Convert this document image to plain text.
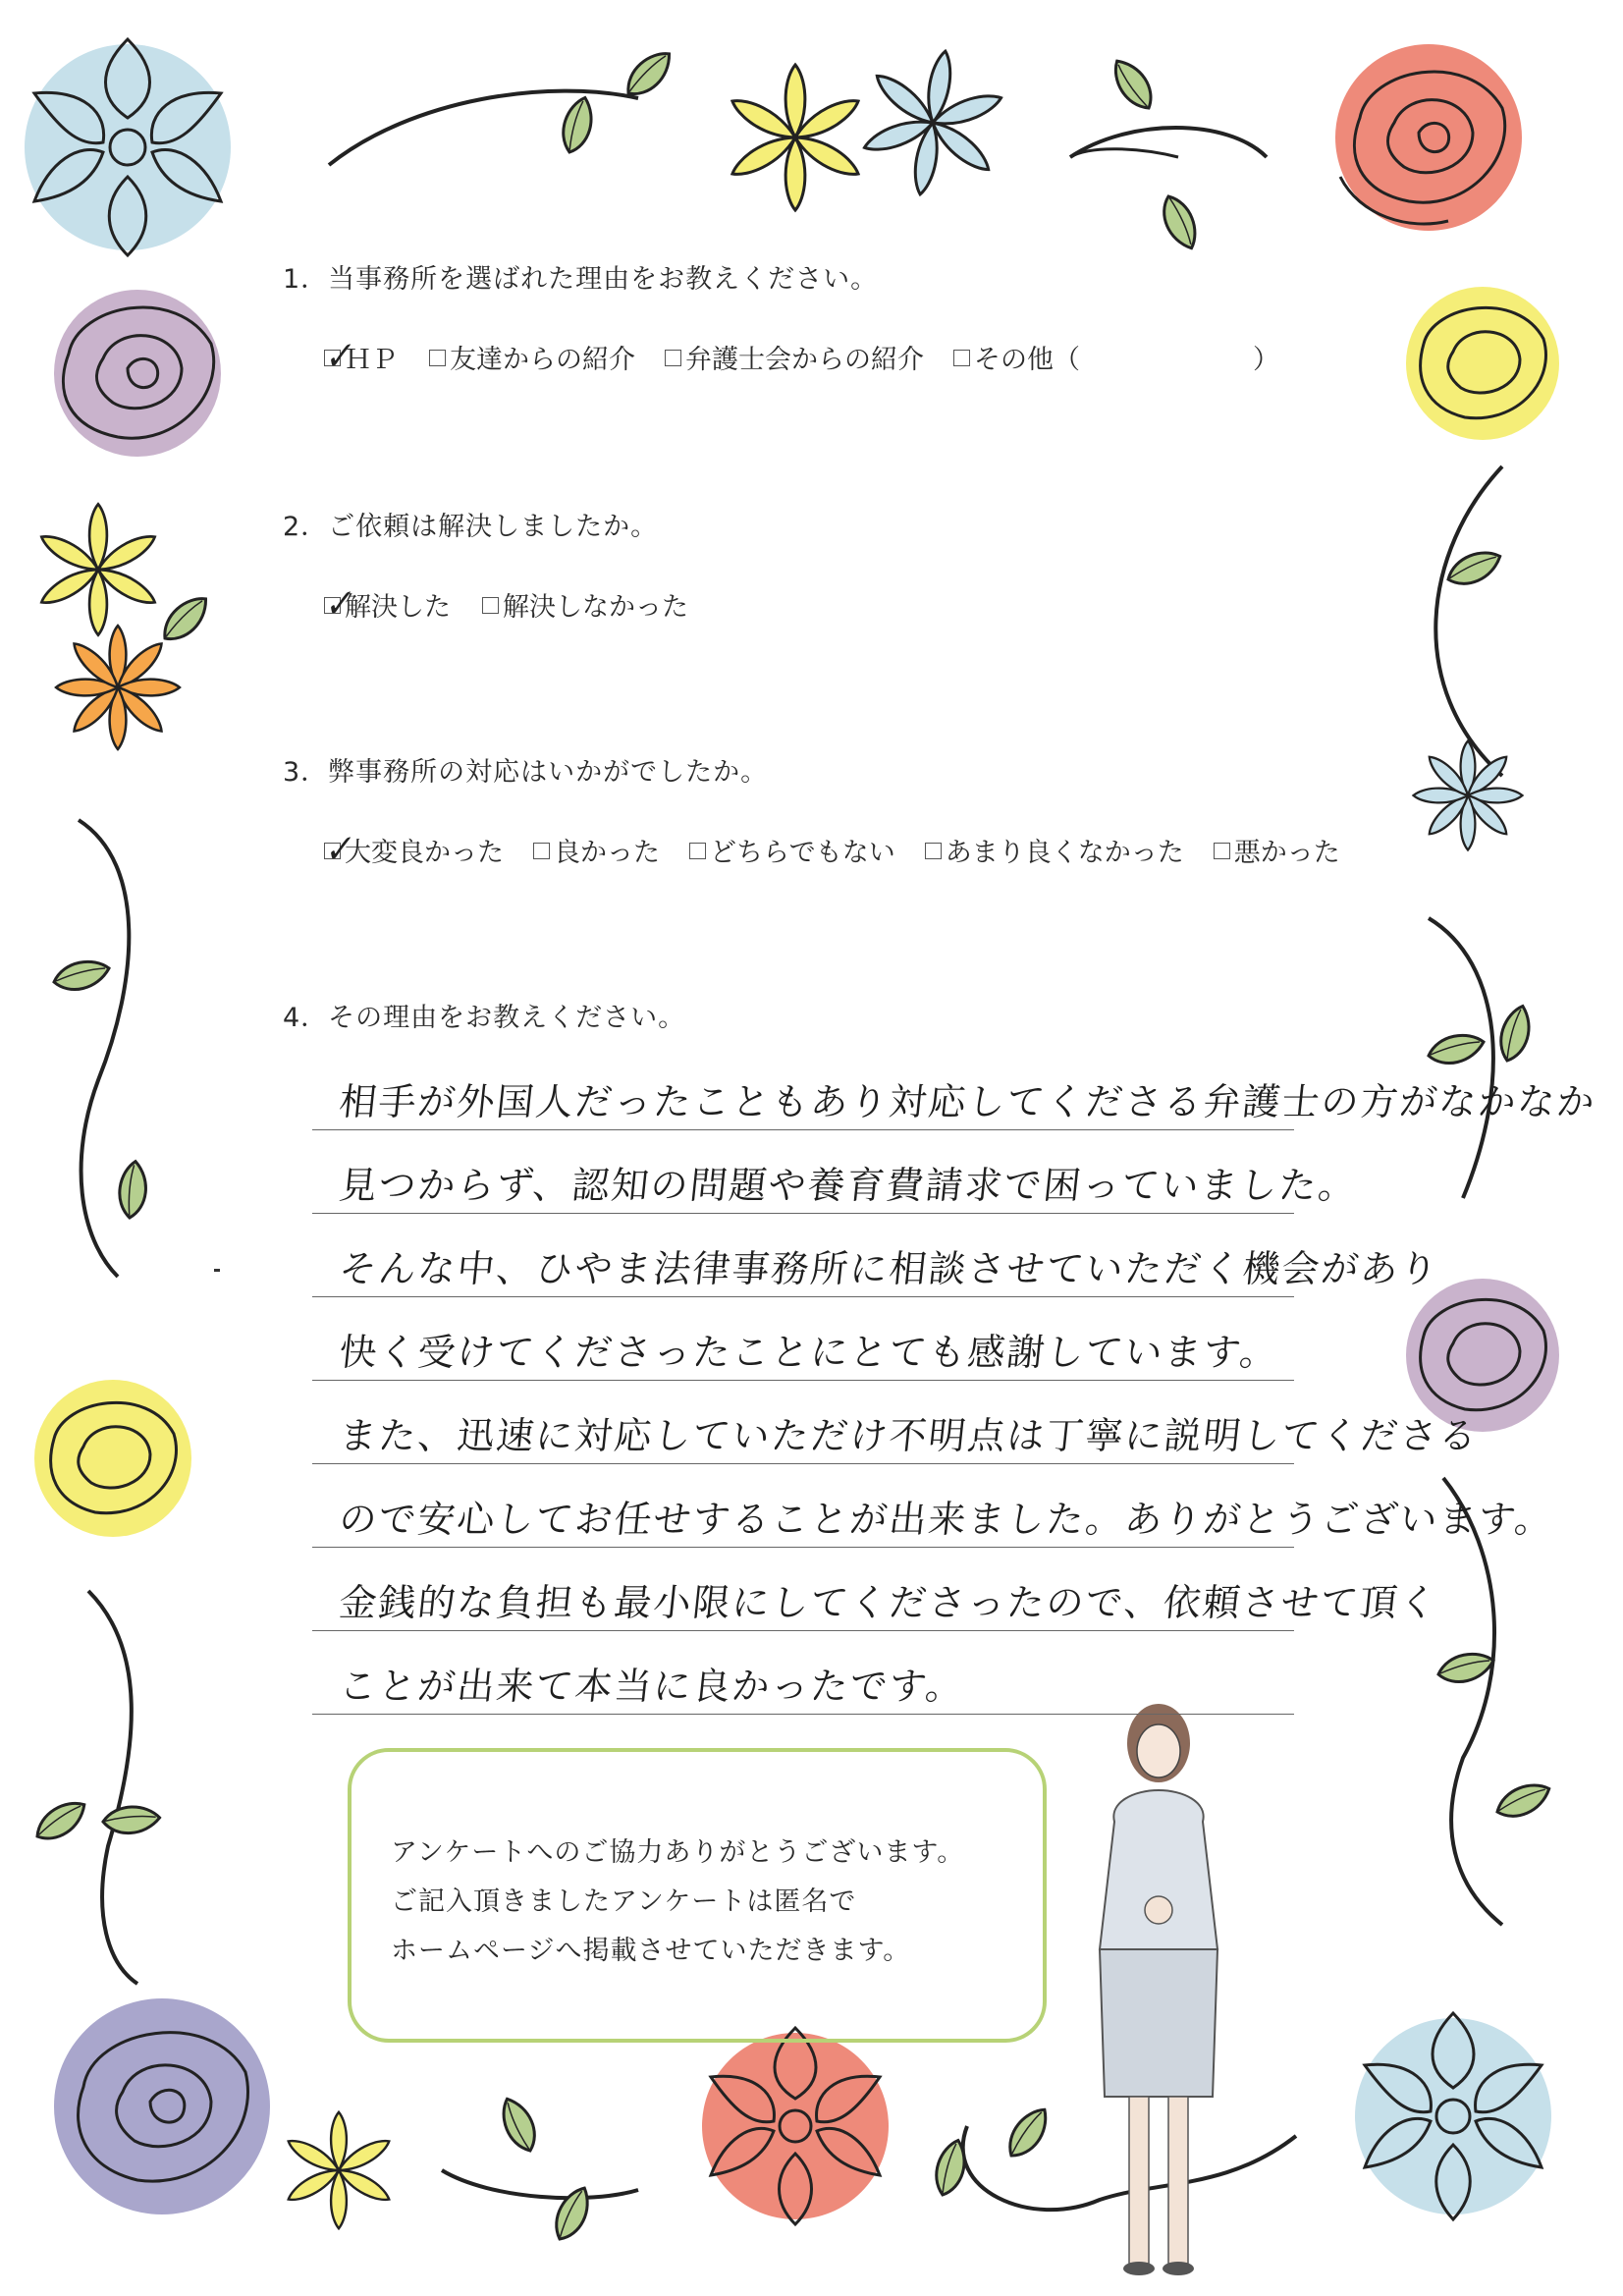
1．当事務所を選ばれた理由をお教えください。
✓
ＨＰ 友達からの紹介 弁護士会からの紹介 その他（	）
2．ご依頼は解決しましたか。
✓
解決した 解決しなかった
3．弊事務所の対応はいかがでしたか。
✓
大変良かった 良かった どちらでもない あまり良くなかった 悪かった
4．その理由をお教えください。
相手が外国人だったこともあり対応してくださる弁護士の方がなかなか
見つからず、認知の問題や養育費請求で困っていました。
そんな中、ひやま法律事務所に相談させていただく機会があり
快く受けてくださったことにとても感謝しています。
また、迅速に対応していただけ不明点は丁寧に説明してくださる
ので安心してお任せすることが出来ました。ありがとうございます。
金銭的な負担も最小限にしてくださったので、依頼させて頂く
ことが出来て本当に良かったです。

アンケートへのご協力ありがとうございます。

ご記入頂きましたアンケートは匿名で

ホームページへ掲載させていただきます。
